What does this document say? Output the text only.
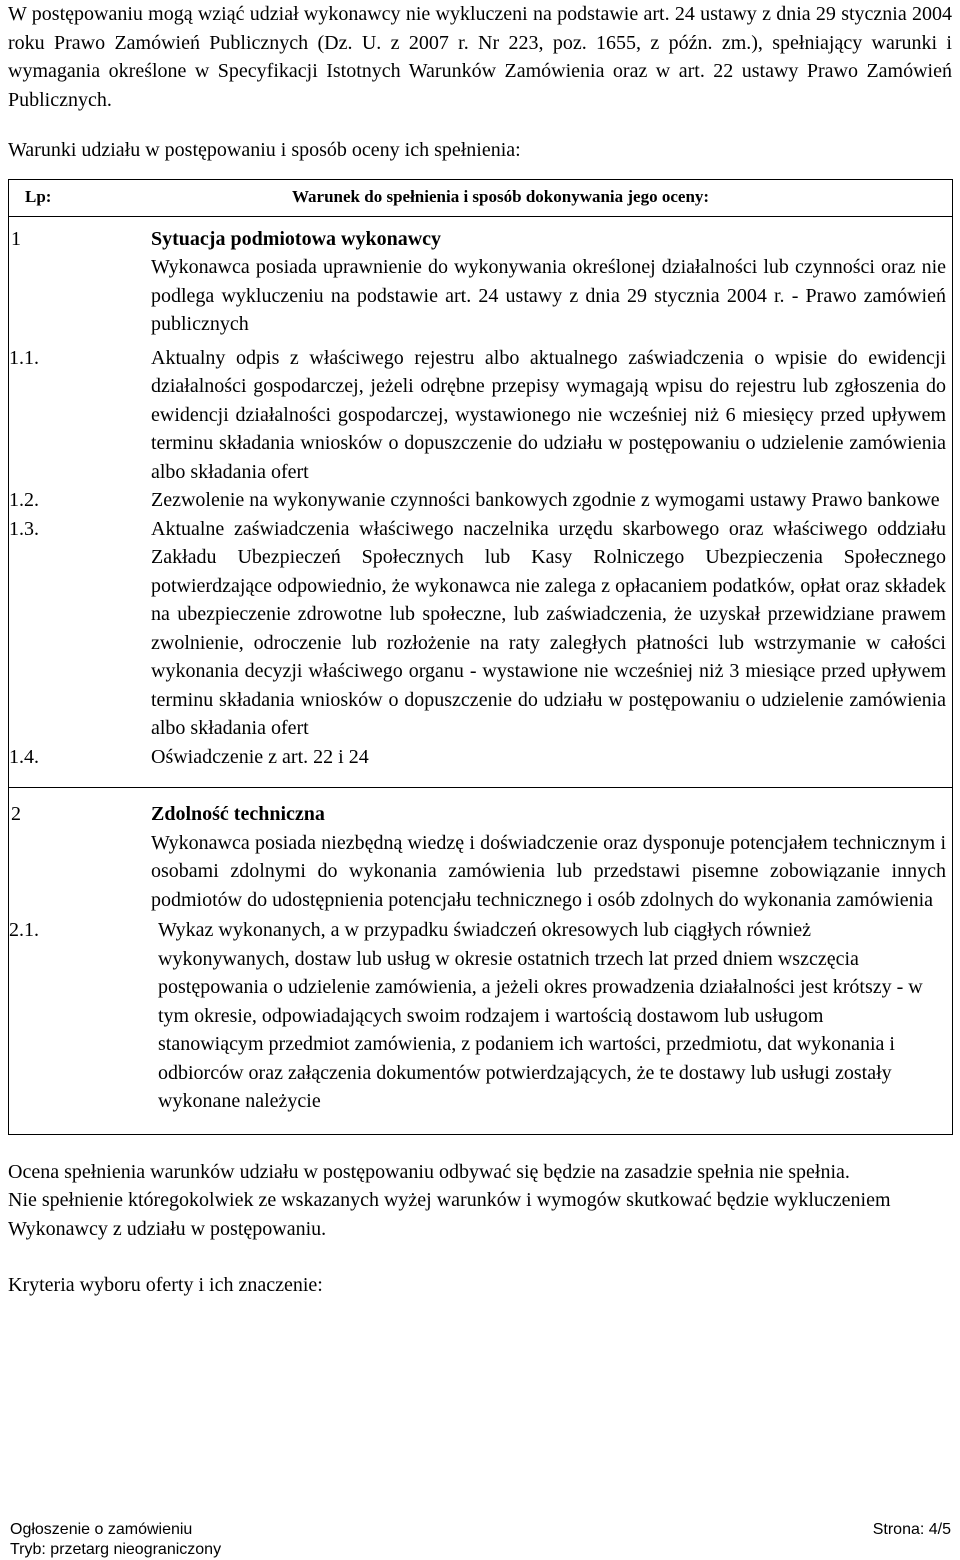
W postępowaniu mogą wziąć udział wykonawcy nie wykluczeni na podstawie art. 24 ustawy z dnia 29 stycznia 2004 roku Prawo Zamówień Publicznych (Dz. U. z 2007 r. Nr 223, poz. 1655, z późn. zm.), spełniający warunki i wymagania określone w Specyfikacji Istotnych Warunków Zamówienia oraz w art. 22 ustawy Prawo Zamówień Publicznych.

Warunki udziału w postępowaniu i sposób oceny ich spełnienia:
Lp:	Warunek do spełnienia i sposób dokonywania jego oceny:
1	Sytuacja podmiotowa wykonawcy
Wykonawca posiada uprawnienie do wykonywania określonej działalności lub czynności oraz nie podlega wykluczeniu na podstawie art. 24 ustawy z dnia 29 stycznia 2004 r. - Prawo zamówień publicznych
1.1.	Aktualny odpis z właściwego rejestru albo aktualnego zaświadczenia o wpisie do ewidencji działalności gospodarczej, jeżeli odrębne przepisy wymagają wpisu do rejestru lub zgłoszenia do ewidencji działalności gospodarczej, wystawionego nie wcześniej niż 6 miesięcy przed upływem terminu składania wniosków o dopuszczenie do udziału w postępowaniu o udzielenie zamówienia albo składania ofert
1.2.	Zezwolenie na wykonywanie czynności bankowych zgodnie z wymogami ustawy Prawo bankowe
1.3.	Aktualne zaświadczenia właściwego naczelnika urzędu skarbowego oraz właściwego oddziału Zakładu Ubezpieczeń Społecznych lub Kasy Rolniczego Ubezpieczenia Społecznego potwierdzające odpowiednio, że wykonawca nie zalega z opłacaniem podatków, opłat oraz składek na ubezpieczenie zdrowotne lub społeczne, lub zaświadczenia, że uzyskał przewidziane prawem zwolnienie, odroczenie lub rozłożenie na raty zaległych płatności lub wstrzymanie w całości wykonania decyzji właściwego organu - wystawione nie wcześniej niż 3 miesiące przed upływem terminu składania wniosków o dopuszczenie do udziału w postępowaniu o udzielenie zamówienia albo składania ofert
1.4.	Oświadczenie z art. 22 i 24
2	Zdolność techniczna
Wykonawca posiada niezbędną wiedzę i doświadczenie oraz dysponuje potencjałem technicznym i osobami zdolnymi do wykonania zamówienia lub przedstawi pisemne zobowiązanie innych podmiotów do udostępnienia potencjału technicznego i osób zdolnych do wykonania zamówienia
2.1.	Wykaz wykonanych, a w przypadku świadczeń okresowych lub ciągłych również wykonywanych, dostaw lub usług w okresie ostatnich trzech lat przed dniem wszczęcia postępowania o udzielenie zamówienia, a jeżeli okres prowadzenia działalności jest krótszy - w tym okresie, odpowiadających swoim rodzajem i wartością dostawom lub usługom stanowiącym przedmiot zamówienia, z podaniem ich wartości, przedmiotu, dat wykonania i odbiorców oraz załączenia dokumentów potwierdzających, że te dostawy lub usługi zostały wykonane należycie
Ocena spełnienia warunków udziału w postępowaniu odbywać się będzie na zasadzie spełnia nie spełnia.
Nie spełnienie któregokolwiek ze wskazanych wyżej warunków i wymogów skutkować będzie wykluczeniem Wykonawcy z udziału w postępowaniu.
Kryteria wyboru oferty i ich znaczenie:
Ogłoszenie o zamówieniu	Strona: 4/5
Tryb: przetarg nieograniczony
